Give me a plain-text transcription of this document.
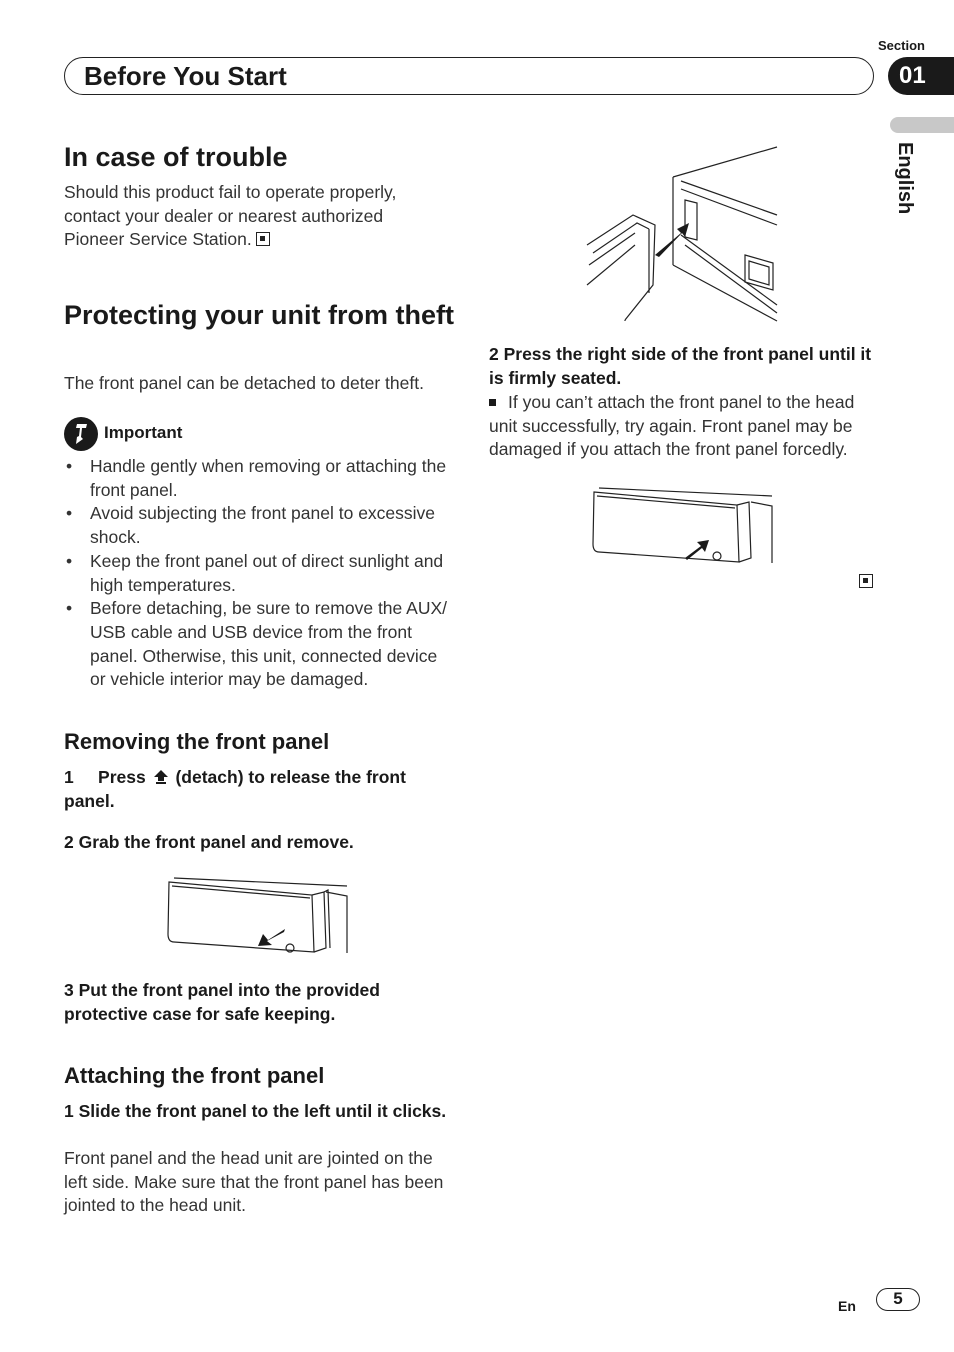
Section
Before You Start	01
English
In case of trouble
Should this product fail to operate properly, contact your dealer or nearest authorized Pioneer Service Station.
Protecting your unit from theft
The front panel can be detached to deter theft.
Important
• Handle gently when removing or attaching the front panel.
• Avoid subjecting the front panel to excessive shock.
• Keep the front panel out of direct sunlight and high temperatures.
• Before detaching, be sure to remove the AUX/ USB cable and USB device from the front panel. Otherwise, this unit, connected device or vehicle interior may be damaged.
Removing the front panel
1 Press (detach) to release the front panel.
2 Grab the front panel and remove.
3 Put the front panel into the provided protective case for safe keeping.
Attaching the front panel
1 Slide the front panel to the left until it clicks.
Front panel and the head unit are jointed on the left side. Make sure that the front panel has been jointed to the head unit.
2 Press the right side of the front panel until it is firmly seated.
If you can’t attach the front panel to the head unit successfully, try again. Front panel may be damaged if you attach the front panel forcedly.
En	5
